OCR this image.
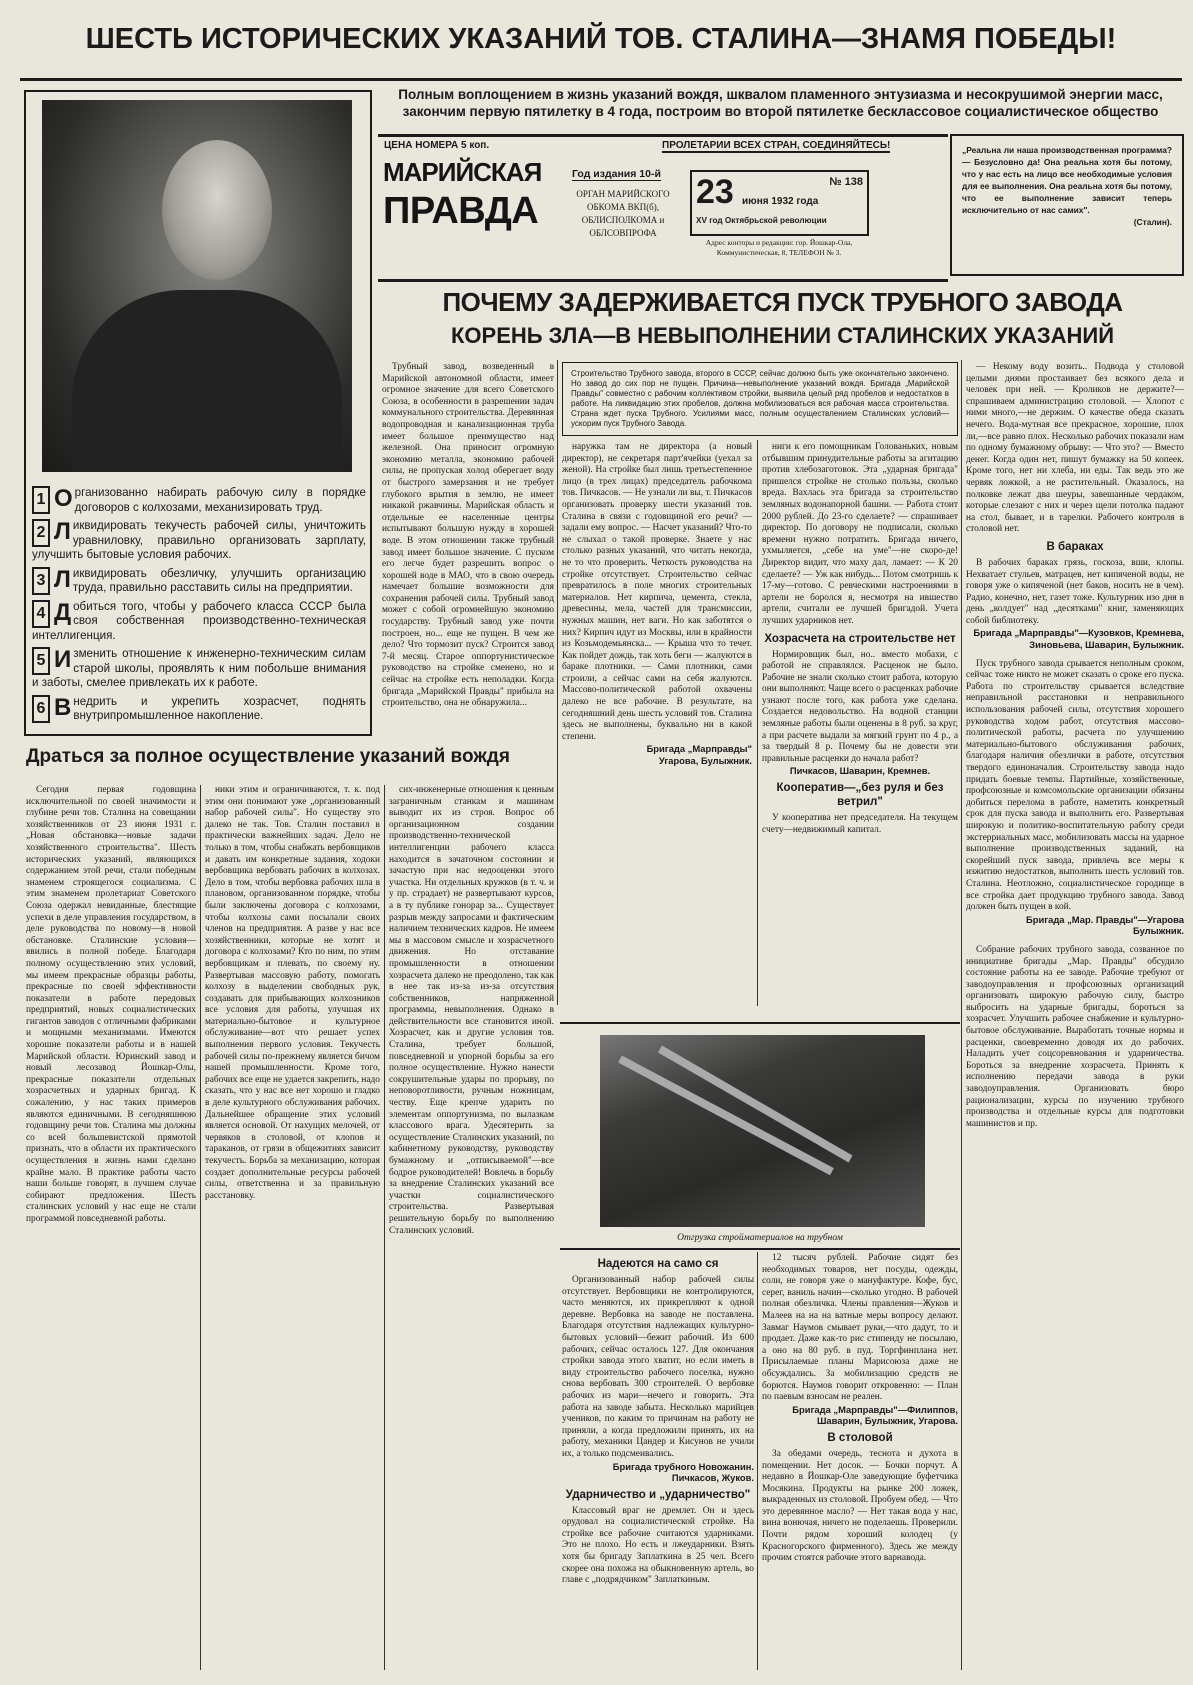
ШЕСТЬ ИСТОРИЧЕСКИХ УКАЗАНИЙ ТОВ. СТАЛИНА—ЗНАМЯ ПОБЕДЫ!
1 О рганизованно набирать рабочую силу в порядке договоров с колхозами, механизировать труд.
2 Л иквидировать текучесть рабочей силы, уничтожить уравниловку, правильно организовать зарплату, улучшить бытовые условия рабочих.
3 Л иквидировать обезличку, улучшить организацию труда, правильно расставить силы на предприятии.
4 Д обиться того, чтобы у рабочего класса СССР была своя собственная производственно-техническая интеллигенция.
5 И зменить отношение к инженерно-техническим силам старой школы, проявлять к ним побольше внимания и заботы, смелее привлекать их к работе.
6 В недрить и укрепить хозрасчет, поднять внутрипромышленное накопление.
Полным воплощением в жизнь указаний вождя, шквалом пламенного энтузиазма и несокрушимой энергии масс, закончим первую пятилетку в 4 года, построим во второй пятилетке бесклассовое социалистическое общество
ЦЕНА НОМЕРА 5 коп.	ПРОЛЕТАРИИ ВСЕХ СТРАН, СОЕДИНЯЙТЕСЬ!
МАРИЙСКАЯ
ПРАВДА
Год издания 10-й
ОРГАН МАРИЙСКОГО ОБКОМА ВКП(б), ОБЛИСПОЛКОМА и ОБЛСОВПРОФА
23 июня 1932 года
№ 138
XV год Октябрьской революции
Адрес конторы и редакции: гор. Йошкар-Ола, Коммунистическая, 8, ТЕЛЕФОН № 3.
„Реальна ли наша производственная программа? — Безусловно да! Она реальна хотя бы потому, что у нас есть на лицо все необходимые условия для ее выполнения. Она реальна хотя бы потому, что ее выполнение зависит теперь исключительно от нас самих".
(Сталин).
ПОЧЕМУ ЗАДЕРЖИВАЕТСЯ ПУСК ТРУБНОГО ЗАВОДА
КОРЕНЬ ЗЛА—В НЕВЫПОЛНЕНИИ СТАЛИНСКИХ УКАЗАНИЙ

Трубный завод, возведенный в Марийской автономной области, имеет огромное значение для всего Советского Союза, в особенности в разрешении задач коммунального строительства. Деревянная водопроводная и канализационная труба имеет большое преимущество над железной. Она приносит огромную экономию металла, экономию рабочей силы, не пропуская холод оберегает воду от быстрого замерзания и не требует глубокого врытия в землю, не имеет никакой ржавчины. Марийская область и отдельные ее населенные центры испытывают большую нужду в хорошей воде. В этом отношении также трубный завод имеет большое значение. С пуском его легче будет разрешить вопрос о хорошей воде в МАО, что в свою очередь намечает большие возможности для сохранения рабочей силы. Трубный завод может с собой огромнейшую экономию государству. Трубный завод уже почти построен, но... еще не пущен. В чем же дело? Что тормозит пуск? Строится завод 7-й месяц. Старое оппортунистическое руководство на стройке сменено, но и сейчас на стройке есть неполадки. Когда бригада „Марийской Правды" прибыла на строительство, она не обнаружила...

Строительство Трубного завода, второго в СССР, сейчас должно быть уже окончательно закончено. Но завод до сих пор не пущен. Причина—невыполнение указаний вождя. Бригада „Марийской Правды" совместно с рабочим коллективом стройки, выявила целый ряд пробелов и недостатков в работе. На ликвидацию этих пробелов, должна мобилизоваться вся рабочая масса строительства. Страна ждет пуска Трубного. Усилиями масс, полным осуществлением Сталинских условий—ускорим пуск Трубного Завода.

наружка там не директора (а новый директор), не секретаря парт'ячейки (уехал за женой). На стройке был лишь третьестепенное лицо (в трех лицах) председатель рабочкома тов. Пичкасов. — Не узнали ли вы, т. Пичкасов организовать проверку шести указаний тов. Сталина в связи с годовщиной его речи? — задали ему вопрос. — Насчет указаний? Что-то не слыхал о такой проверке. Знаете у нас столько разных указаний, что читать некогда, не то что проверить. Четкость руководства на стройке отсутствует. Строительство сейчас превратилось в поле многих строительных материалов. Нет кирпича, цемента, стекла, древесины, мела, частей для трансмиссии, нужных машин, нет ваги. Но как заботятся о них? Кирпич идут из Москвы, или в крайности из Козьмодемьянска... — Крыша что то течет. Как пойдет дождь, так хоть беги — жалуются в бараке плотники. — Сами плотники, сами строили, а сейчас сами на себя жалуются. Массово-политической работой охвачены далеко не все рабочие. В результате, на сегодняшний день шесть условий тов. Сталина здесь не выполнены, буквально ни в какой степени.

Бригада „Марправды"
Угарова, Булыжник.

ниги к его помощникам Голованьких, новым отбывшим принудительные работы за агитацию против хлебозаготовок. Эта „ударная бригада" пришелся стройке не столько пользы, сколько вреда. Вахлась эта бригада за строительство земляных водонапорной башни. — Работа стоит 2000 рублей. До 23-го сделаете? — спрашивает директор. По договору не подписали, сколько времени нужно потратить. Бригада ничего, ухмыляется, „себе на уме"—не скоро-де! Директор видит, что маху дал, ламает: — К 20 сделаете? — Уж как нибудь... Потом смотришь к 17-му—готово. С ревческими настроениями в артели не боролся я, несмотря на ившество артели, считали ее лучшей бригадой. Учета лучших ударников нет.

Хозрасчета на строительстве нет

Нормировщик был, но.. вместо мобахи, с работой не справлялся. Расценок не было. Рабочие не знали сколько стоит работа, которую они выполняют. Чаще всего о расценках рабочие узнают после того, как работа уже сделана. Создается недовольство. На водной станции земляные работы были оценены в 8 руб. за круг, а при расчете выдали за мягкий грунт по 4 р., а за твердый 8 р. Почему бы не довести эти правильные расценки до начала работ?

Пичкасов, Шаварин, Кремнев.
Кооператив—„без руля и без ветрил"

У кооператива нет председателя. На текущем счету—недвижимый капитал.

— Некому воду возить.. Подвода у столовой целыми днями простаивает без всякого дела и человек при ней. — Кроликов не держите?—спрашиваем администрацию столовой. — Хлопот с ними много,—не держим. О качестве обеда сказать нечего. Вода-мутная все прекрасное, хорошие, плох ли,—все равно плох. Несколько рабочих показали нам по одному бумажному обрыву: — Что это? — Вместо денег. Когда один нет, пишут бумажку на 50 копеек. Кроме того, нет ни хлеба, ни еды. Так ведь это же червяк ложкой, а не растительный. Оказалось, на полковке лежат два шеуры, завешанные чердаком, которые слезают с них и через щели потолка падают на стол, бывает, и в тарелки. Рабочего контроля в столовой нет.

В бараках

В рабочих бараках грязь, госкоза, вши, клопы. Нехватает стульев, матрацев, нет кипяченой воды, не говоря уже о кипяченой (нет баков, носить не в чем). Радио, конечно, нет, газет тоже. Культурник изо дня в день „колдует" над „десятками" книг, заменяющих собой библиотеку.

Бригада „Марправды"—Кузовков, Кремнева, Зиновьева, Шаварин, Булыжник.

Пуск трубного завода срывается неполным сроком, сейчас тоже никто не может сказать о сроке его пуска. Работа по строительству срывается вследствие неправильной расстановки и неправильного использования рабочей силы, отсутствия хорошего руководства ходом работ, отсутствия массово-политической работы, расчета по улучшению материально-бытового обслуживания рабочих, благодаря наличия обезлички в работе, отсутствия твердого единоначалия. Строительству завода надо придать боевые темпы. Партийные, хозяйственные, профсоюзные и комсомольские организации обязаны добиться перелома в работе, наметить конкретный срок для пуска завода и выполнить его. Развертывая широкую и политико-воспитательную работу среди экстерриальных масс, мобилизовать массы на ударное выполнение производственных заданий, на скорейший пуск завода, привлечь все меры к изжитию недостатков, выполнить шесть условий тов. Сталина. Неотложно, социалистическое городище в все стройка дает продукцию трубного завода. Завод должен быть пущен в кой.

Бригада „Мар. Правды"—Угарова
Булыжник.

Собрание рабочих трубного завода, созванное по инициативе бригады „Мар. Правды" обсудило состояние работы на ее заводе. Рабочие требуют от заводоуправления и профсоюзных организаций организовать широкую рабочую силу, быстро выбросить на ударные бригады, бороться за хозрасчет. Улучшить рабочее снабжение и культурно-бытовое обслуживание. Выработать точные нормы и расценки, своевременно доводя их до рабочих. Наладить учет соцсоревнования и ударничества. Бороться за внедрение хозрасчета. Принять к исполнению передачи завода в руки заводоуправления. Организовать бюро рационализации, курсы по изучению трубного производства и отдельные курсы для подготовки машинистов и пр.

Драться за полное осуществление указаний вождя

Сегодня первая годовщина исключительной по своей значимости и глубине речи тов. Сталина на совещании хозяйственников от 23 июня 1931 г. „Новая обстановка—новые задачи хозяйственного строительства". Шесть исторических указаний, являющихся содержанием этой речи, стали победным знаменем строящегося социализма. С этим знаменем пролетариат Советского Союза одержал невиданные, блестящие успехи в деле управления государством, в деле руководства по новому—в новой обстановке. Сталинские условия—явились в полной победе. Благодаря полному осуществлению этих условий, мы имеем прекрасные образцы работы, прекрасные по своей эффективности показатели в работе передовых предприятий, новых социалистических гигантов заводов с отличными фабриками и мощными механизмами. Имеются хорошие показатели работы и в нашей Марийской области. Юринский завод и новый лесозавод Йошкар-Олы, прекрасные показатели отдельных хозрасчетных и ударных бригад. К сожалению, у нас таких примеров являются единичными. В сегодняшнюю годовщину речи тов. Сталина мы должны со всей большевистской прямотой признать, что в области их практического осуществления в жизнь нами сделано крайне мало. В практике работы часто наши больше говорят, в лучшем случае собирают предложения. Шесть сталинских условий у нас еще не стали программой повседневной работы.

ники этим и ограничиваются, т. к. под этим они понимают уже „организованный набор рабочей силы". Но существу это далеко не так. Тов. Сталин поставил в практически важнейших задач. Дело не только в том, чтобы снабжать вербовщиков и давать им конкретные задания, ходоки вербовщика вербовать рабочих в колхозах. Дело в том, чтобы вербовка рабочих шла в плановом, организованном порядке, чтобы были заключены договора с колхозами, чтобы колхозы сами посылали своих членов на предприятия. А разве у нас все хозяйственники, которые не хотят и договора с колхозами? Кто по ним, по этим вербовщикам и плевать, по своему ну. Развертывая массовую работу, помогать колхозу в выделении свободных рук, создавать для прибывающих колхозников все условия для работы, улучшая их материально-бытовое и культурное обслуживание—вот что решает успех выполнения первого условия. Текучесть рабочей силы по-прежнему является бичом нашей промышленности. Кроме того, рабочих все еще не удается закрепить, надо сказать, что у нас все нет хорошо и гладко в деле культурного обслуживания рабочих. Дальнейшее обращение этих условий является основой. От нахущих мелочей, от червяков в столовой, от клопов и тараканов, от грязи в общежитиях зависит текучесть. Борьба за механизацию, которая создает дополнительные ресурсы рабочей силы, ответственна и за правильную расстановку.

сих-инженерные отношения к ценным заграничным станкам и машинам выводит их из строя. Вопрос об организационном создании производственно-технической интеллигенции рабочего класса находится в зачаточном состоянии и зачастую при нас недооценки этого участка. Ни отдельных кружков (в т. ч. и у пр. страдает) не развертывают курсов, а в ту публике гонорар за... Существует разрыв между запросами и фактическим наличием технических кадров. Не имеем мы в массовом смысле и хозрасчетного движения. Но отставание промышленности в отношении хозрасчета далеко не преодолено, так как в нее так из-за из-за отсутствия собственников, напряженной программы, невыполнения. Однако в действительности все становится иной. Хозрасчет, как и другие условия тов. Сталина, требует большой, повседневной и упорной борьбы за его полное осуществление. Нужно нанести сокрушительные удары по прорыву, по неповоротливости, ручным ножницам, честву. Еще крепче ударить по элементам оппортунизма, по вылазкам классового врага. Удесятерить за осуществление Сталинских указаний, по кабинетному руководству, руководству бумажному и „отписываемой"—все бодрое руководителей! Вовлечь в борьбу за внедрение Сталинских указаний все участки социалистического строительства. Развертывая решительную борьбу по выполнению Сталинских условий.

Отгрузка стройматериалов на трубном
Надеются на само ся

Организованный набор рабочей силы отсутствует. Вербовщики не контролируются, часто меняются, их прикрепляют к одной деревне. Вербовка на заводе не поставлена. Благодаря отсутствия надлежащих культурно-бытовых условий—бежит рабочий. Из 600 рабочих, сейчас осталось 127. Для окончания стройки завода этого хватит, но если иметь в виду строительство рабочего поселка, нужно снова вербовать 300 строителей. О вербовке рабочих из мари—нечего и говорить. Эта работа на заводе забыта. Несколько марийцев учеников, по каким то причинам на работу не приняли, а когда предложили принять, их на работу, механики Цандер и Кисунов не учили их, а только подсмеивались.

Бригада трубного Новожанин.
Пичкасов, Жуков.
Ударничество и „ударничество"

Классовый враг не дремлет. Он и здесь орудовал на социалистической стройке. На стройке все рабочие считаются ударниками. Это не плохо. Но есть и лжеударники. Взять хотя бы бригаду Заплаткина в 25 чел. Всего скорее она похожа на обыкновенную артель, во главе с „подрядчиком" Заплаткиным.

12 тысяч рублей. Рабочие сидят без необходимых товаров, нет посуды, одежды, соли, не говоря уже о мануфактуре. Кофе, бус, серег, ваниль начин—сколько угодно. В рабочей полная обезличка. Члены правления—Жуков и Малеев на на на ватные меры вопросу делают. Завмаг Наумов смывает руки,—что дадут, то и продает. Даже как-то рис стипенду не посылаю, а оно на 80 руб. в пуд. Торгфинплана нет. Присылаемые планы Марисоюза даже не обсуждались. За мобилизацию средств не борются. Наумов говорит откровенно: — План по паевым взносам не реален.

Бригада „Марправды"—Филиппов,
Шаварин, Булыжник, Угарова.
В столовой

За обедами очередь, теснота и духота в помещении. Нет досок. — Бочки порчут. А недавно в Йошкар-Оле заведующие буфетчика Мосякина. Продукты на рынке 200 ложек, выкраденных из столовой. Пробуем обед. — Что это деревянное масло? — Нет такая вода у нас, вина вонючая, ничего не поделаешь. Проверили. Почти рядом хороший колодец (у Красногорского фирменного). Здесь же между прочим стоятся рабочие этого варнавода.
